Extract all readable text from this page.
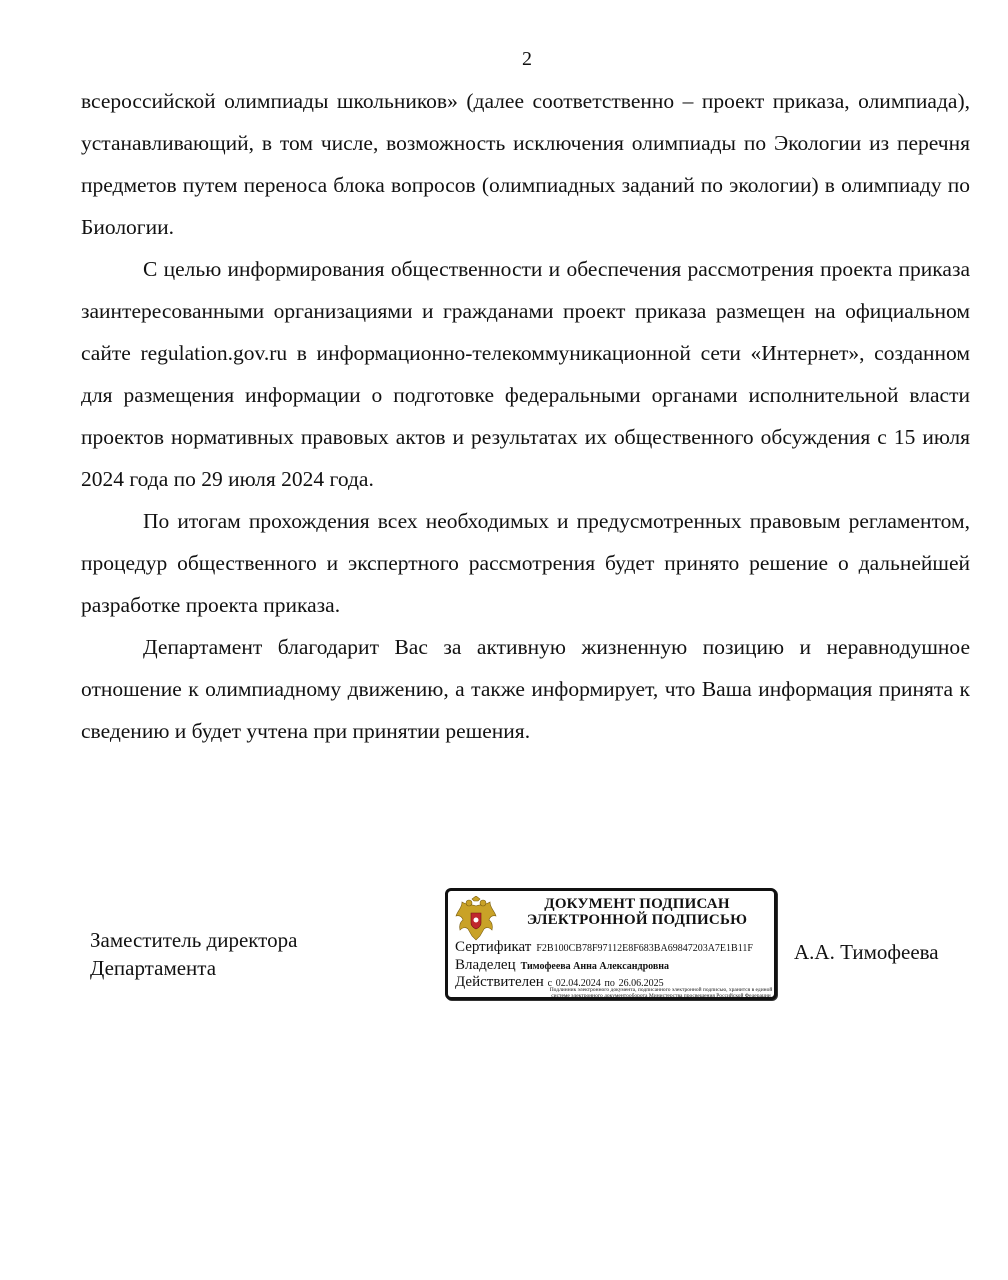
2

всероссийской олимпиады школьников» (далее соответственно – проект приказа, олимпиада), устанавливающий, в том числе, возможность исключения олимпиады по Экологии из перечня предметов путем переноса блока вопросов (олимпиадных заданий по экологии) в олимпиаду по Биологии.

С целью информирования общественности и обеспечения рассмотрения проекта приказа заинтересованными организациями и гражданами проект приказа размещен на официальном сайте regulation.gov.ru в информационно-телекоммуникационной сети «Интернет», созданном для размещения информации о подготовке федеральными органами исполнительной власти проектов нормативных правовых актов и результатах их общественного обсуждения с 15 июля 2024 года по 29 июля 2024 года.

По итогам прохождения всех необходимых и предусмотренных правовым регламентом, процедур общественного и экспертного рассмотрения будет принято решение о дальнейшей разработке проекта приказа.

Департамент благодарит Вас за активную жизненную позицию и неравнодушное отношение к олимпиадному движению, а также информирует, что Ваша информация принята к сведению и будет учтена при принятии решения.

Заместитель директора
Департамента
ДОКУМЕНТ ПОДПИСАН
ЭЛЕКТРОННОЙ ПОДПИСЬЮ
Сертификат F2B100CB78F97112E8F683BA69847203A7E1B11F
Владелец Тимофеева Анна Александровна
Действителен с 02.04.2024 по 26.06.2025
Подлинник электронного документа, подписанного электронной подписью, хранится в единой системе электронного документооборота Министерства просвещения Российской Федерации
А.А. Тимофеева
